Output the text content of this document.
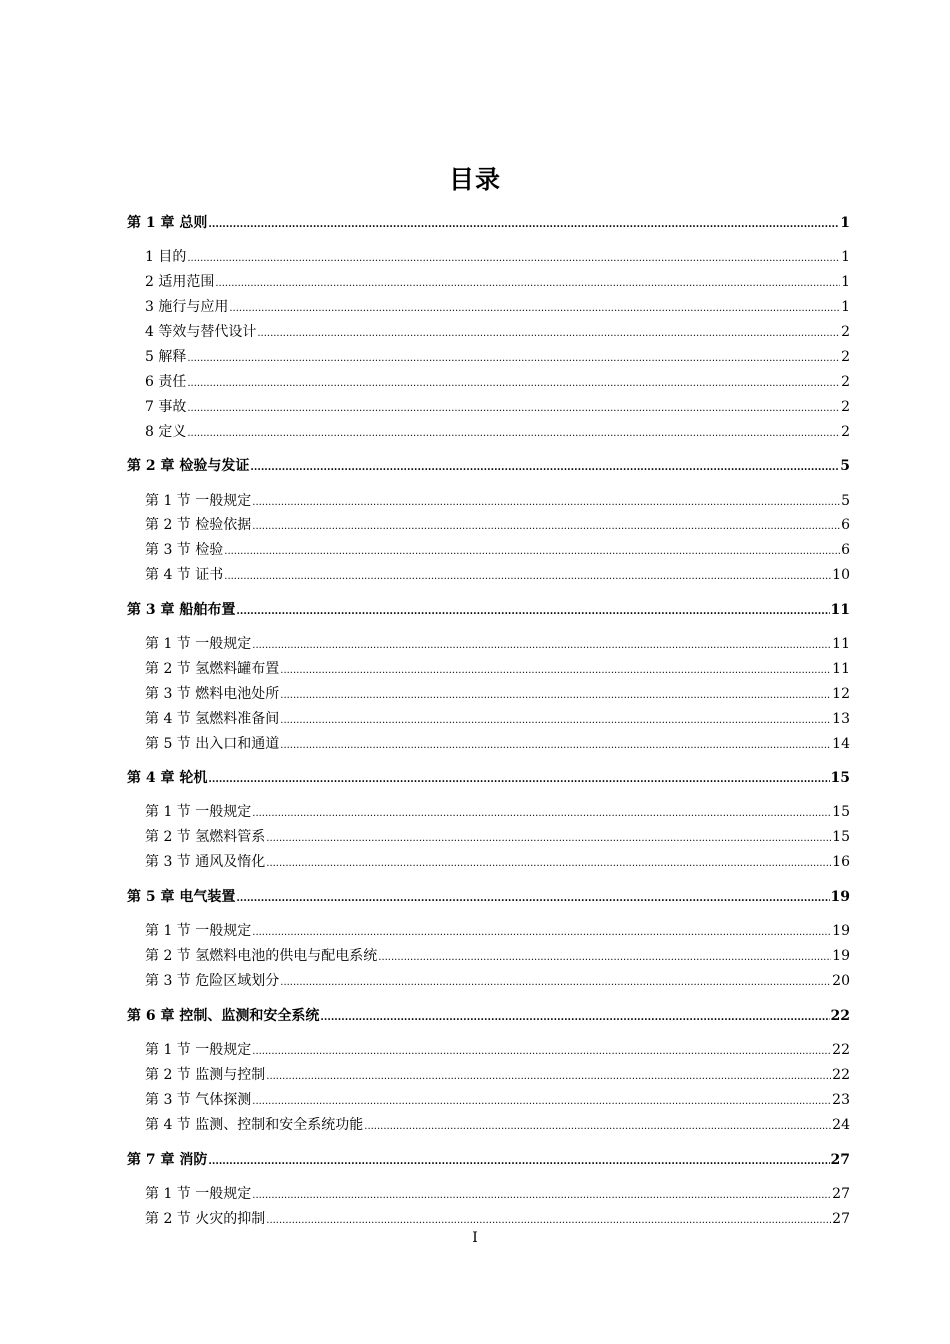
目录
第 1 章 总则 .....	1
1 目的 .....	1
2 适用范围 .....	1
3 施行与应用 .....	1
4 等效与替代设计 .....	2
5 解释 .....	2
6 责任 .....	2
7 事故 .....	2
8 定义 .....	2
第 2 章 检验与发证 .....	5
第 1 节 一般规定 .....	5
第 2 节 检验依据 .....	6
第 3 节 检验 .....	6
第 4 节 证书 .....	10
第 3 章 船舶布置 .....	11
第 1 节 一般规定 .....	11
第 2 节 氢燃料罐布置 .....	11
第 3 节 燃料电池处所 .....	12
第 4 节 氢燃料准备间 .....	13
第 5 节 出入口和通道 .....	14
第 4 章 轮机 .....	15
第 1 节 一般规定 .....	15
第 2 节 氢燃料管系 .....	15
第 3 节 通风及惰化 .....	16
第 5 章 电气装置 .....	19
第 1 节 一般规定 .....	19
第 2 节 氢燃料电池的供电与配电系统 .....	19
第 3 节 危险区域划分 .....	20
第 6 章 控制、监测和安全系统 .....	22
第 1 节 一般规定 .....	22
第 2 节 监测与控制 .....	22
第 3 节 气体探测 .....	23
第 4 节 监测、控制和安全系统功能 .....	24
第 7 章 消防 .....	27
第 1 节 一般规定 .....	27
第 2 节 火灾的抑制 .....	27
I
